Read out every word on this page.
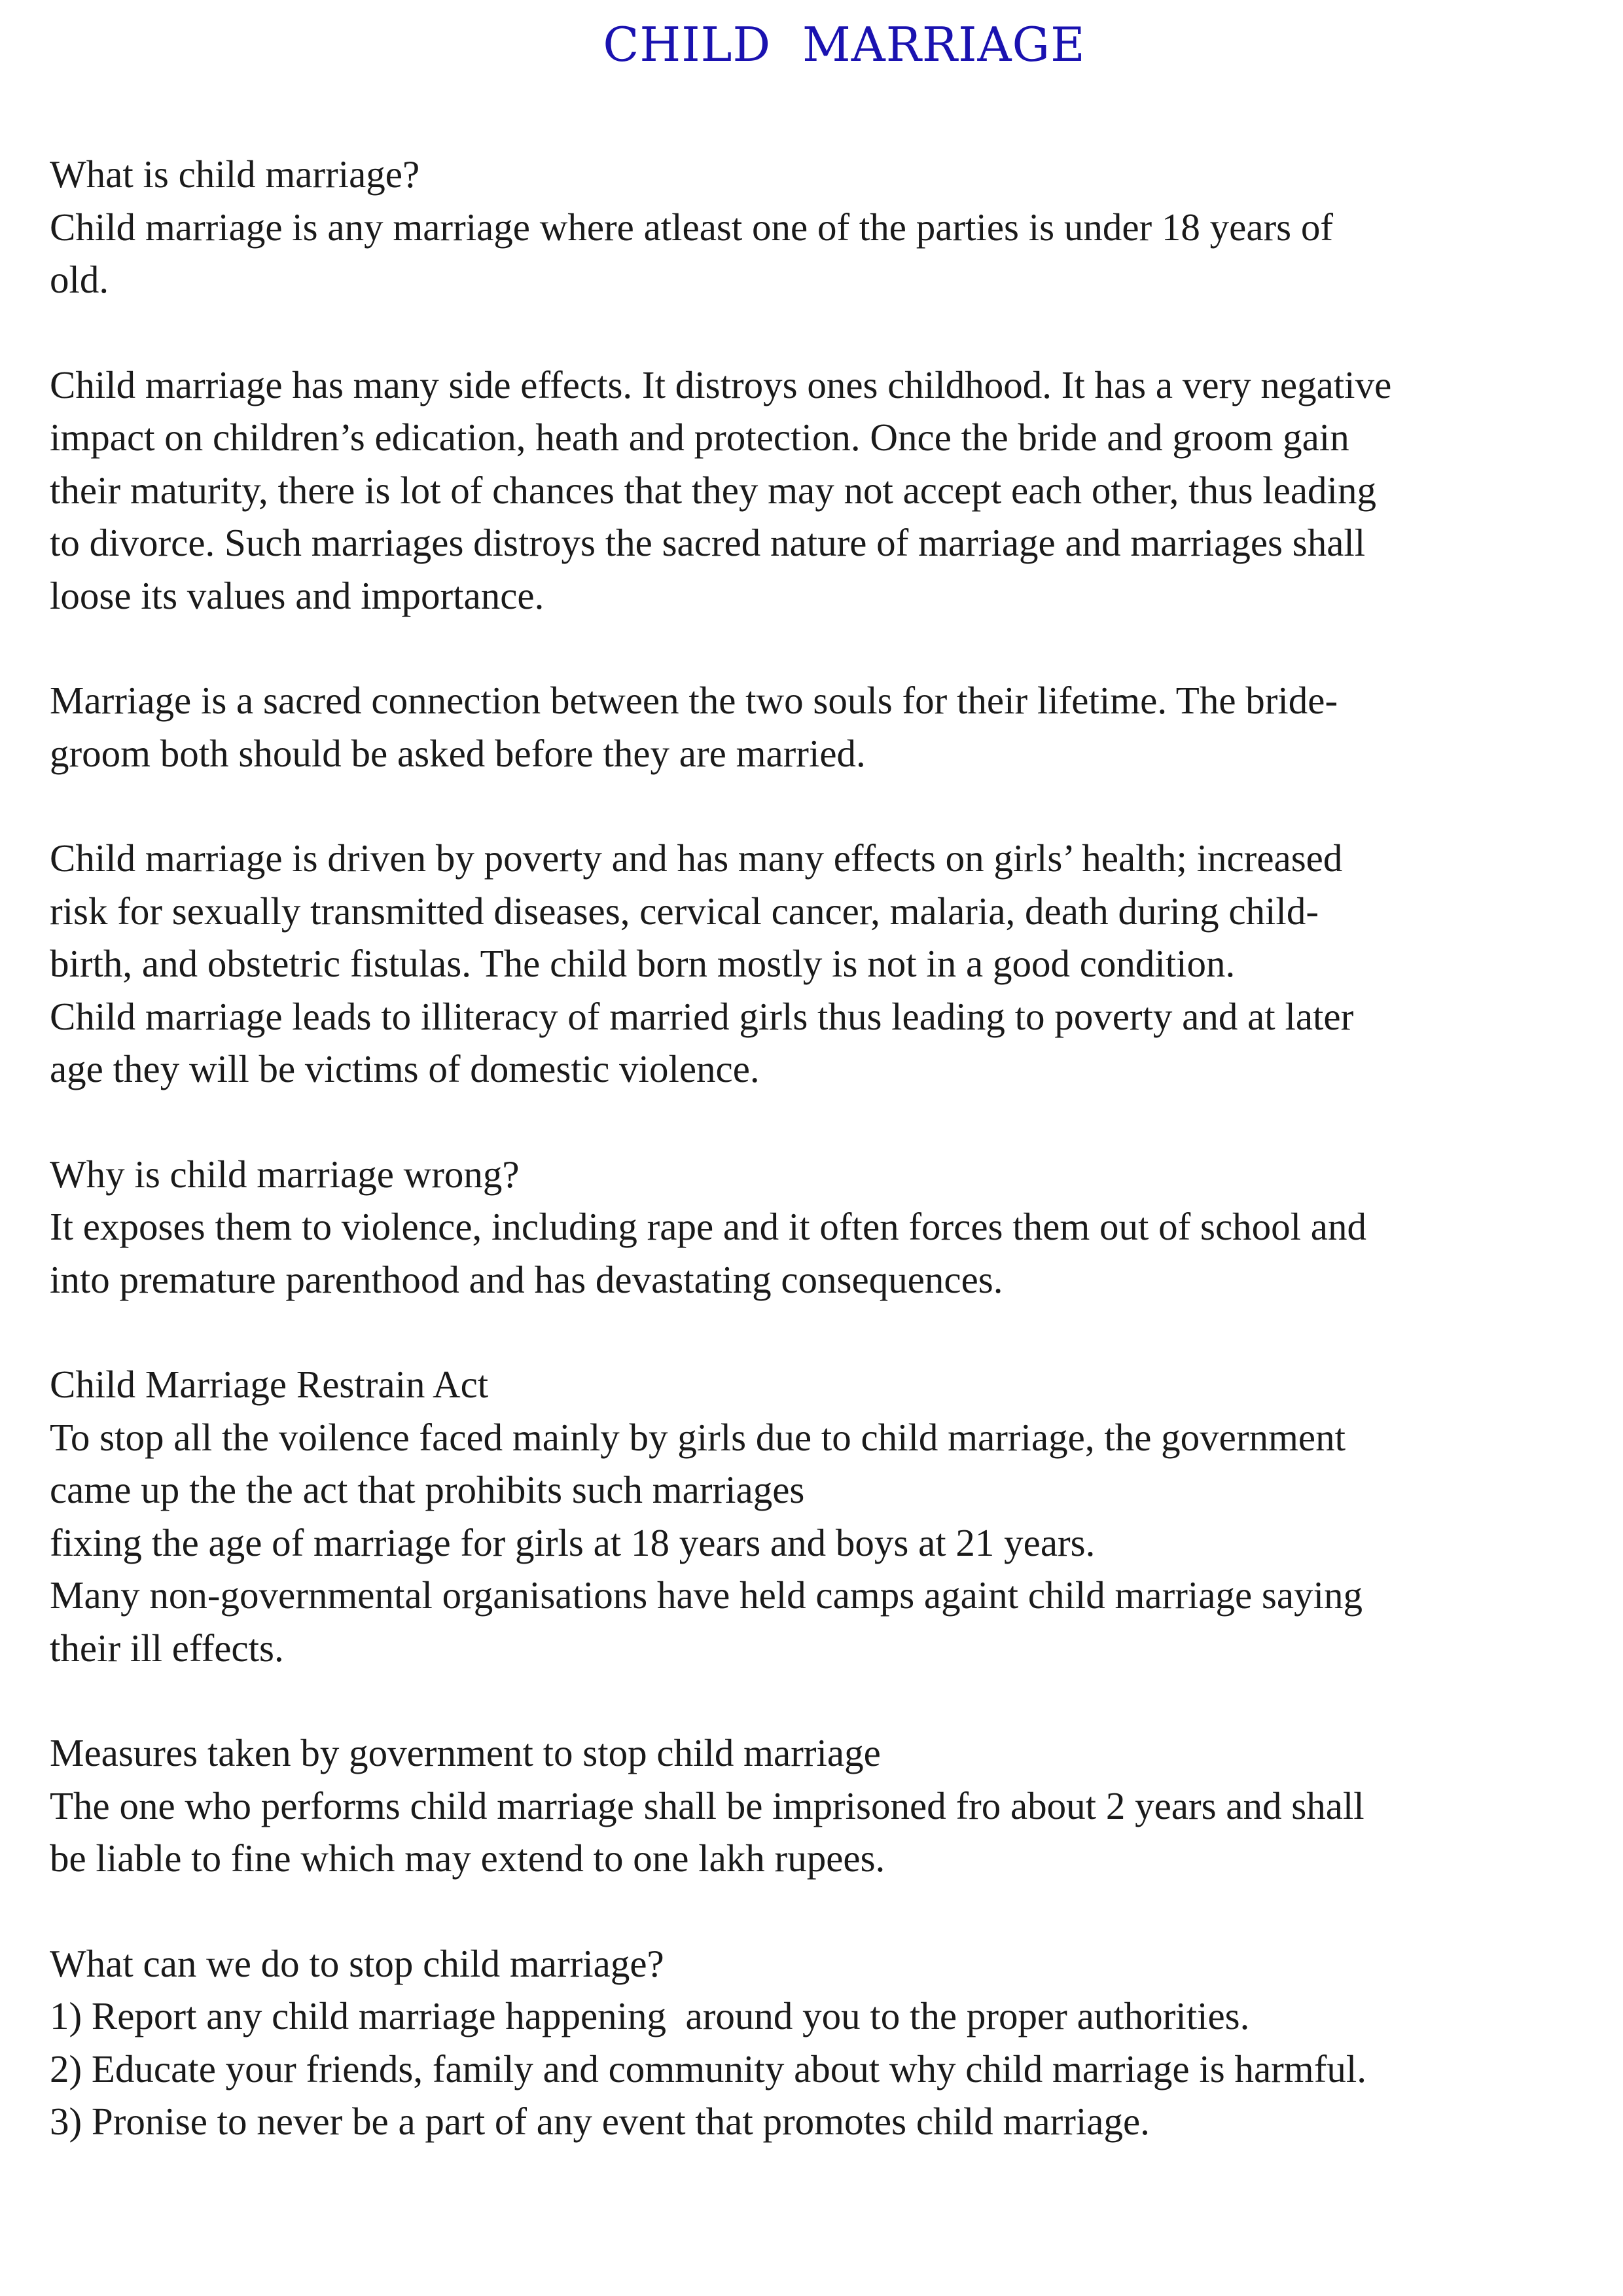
CHILD  MARRIAGE
What is child marriage?
Child marriage is any marriage where atleast one of the parties is under 18 years of
old.
Child marriage has many side effects. It distroys ones childhood. It has a very negative
impact on children’s edication, heath and protection. Once the bride and groom gain
their maturity, there is lot of chances that they may not accept each other, thus leading
to divorce. Such marriages distroys the sacred nature of marriage and marriages shall
loose its values and importance.
Marriage is a sacred connection between the two souls for their lifetime. The bride-
groom both should be asked before they are married.
Child marriage is driven by poverty and has many effects on girls’ health; increased
risk for sexually transmitted diseases, cervical cancer, malaria, death during child-
birth, and obstetric fistulas. The child born mostly is not in a good condition.
Child marriage leads to illiteracy of married girls thus leading to poverty and at later
age they will be victims of domestic violence.
Why is child marriage wrong?
It exposes them to violence, including rape and it often forces them out of school and
into premature parenthood and has devastating consequences.
Child Marriage Restrain Act
To stop all the voilence faced mainly by girls due to child marriage, the government
came up the the act that prohibits such marriages
fixing the age of marriage for girls at 18 years and boys at 21 years.
Many non-governmental organisations have held camps againt child marriage saying
their ill effects.
Measures taken by government to stop child marriage
The one who performs child marriage shall be imprisoned fro about 2 years and shall
be liable to fine which may extend to one lakh rupees.
What can we do to stop child marriage?
1) Report any child marriage happening  around you to the proper authorities.
2) Educate your friends, family and community about why child marriage is harmful.
3) Pronise to never be a part of any event that promotes child marriage.
